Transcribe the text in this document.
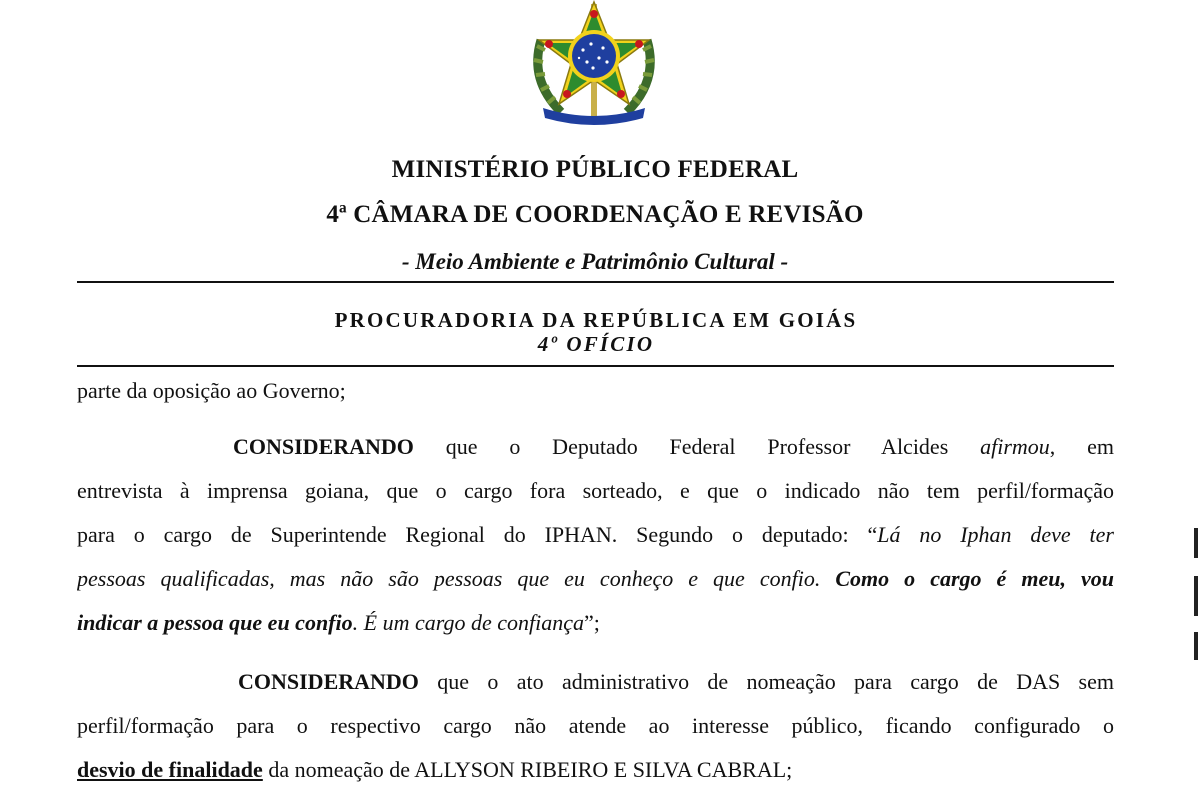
MINISTÉRIO PÚBLICO FEDERAL
4ª CÂMARA DE COORDENAÇÃO E REVISÃO
- Meio Ambiente e Patrimônio Cultural -
PROCURADORIA DA REPÚBLICA EM GOIÁS
4º OFÍCIO
parte da oposição ao Governo;
CONSIDERANDO que o Deputado Federal Professor Alcides afirmou, em
entrevista à imprensa goiana, que o cargo fora sorteado, e que o indicado não tem perfil/formação
para o cargo de Superintende Regional do IPHAN. Segundo o deputado: “Lá no Iphan deve ter
pessoas qualificadas, mas não são pessoas que eu conheço e que confio. Como o cargo é meu, vou
indicar a pessoa que eu confio. É um cargo de confiança”;
CONSIDERANDO que o ato administrativo de nomeação para cargo de DAS sem
perfil/formação para o respectivo cargo não atende ao interesse público, ficando configurado o
desvio de finalidade da nomeação de ALLYSON RIBEIRO E SILVA CABRAL;
